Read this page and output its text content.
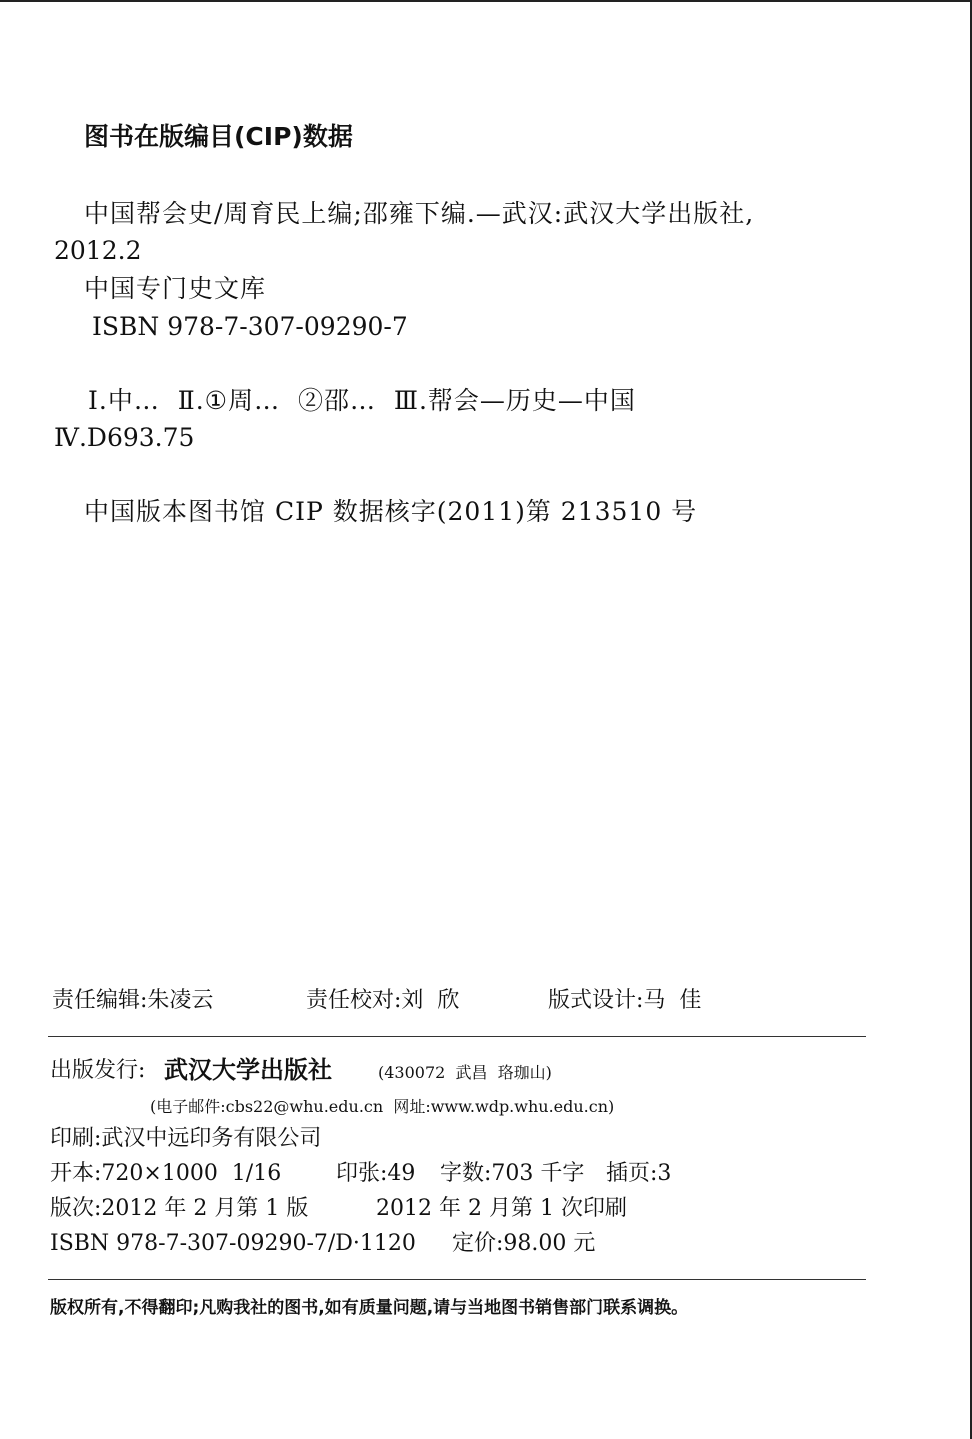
图书在版编目(CIP)数据
中国帮会史/周育民上编;邵雍下编.—武汉:武汉大学出版社,
2012.2
中国专门史文库
ISBN 978-7-307-09290-7
Ⅰ.中…  Ⅱ.①周…  ②邵…  Ⅲ.帮会—历史—中国
Ⅳ.D693.75
中国版本图书馆 CIP 数据核字(2011)第 213510 号
责任编辑:朱凌云	责任校对:刘  欣	版式设计:马  佳
出版发行: 武汉大学出版社	(430072  武昌  珞珈山)
(电子邮件:cbs22@whu.edu.cn  网址:www.wdp.whu.edu.cn)
印刷:武汉中远印务有限公司
开本:720×1000  1/16 印张:49 字数:703 千字 插页:3
版次:2012 年 2 月第 1 版	2012 年 2 月第 1 次印刷
ISBN 978-7-307-09290-7/D·1120 定价:98.00 元
版权所有,不得翻印;凡购我社的图书,如有质量问题,请与当地图书销售部门联系调换。
